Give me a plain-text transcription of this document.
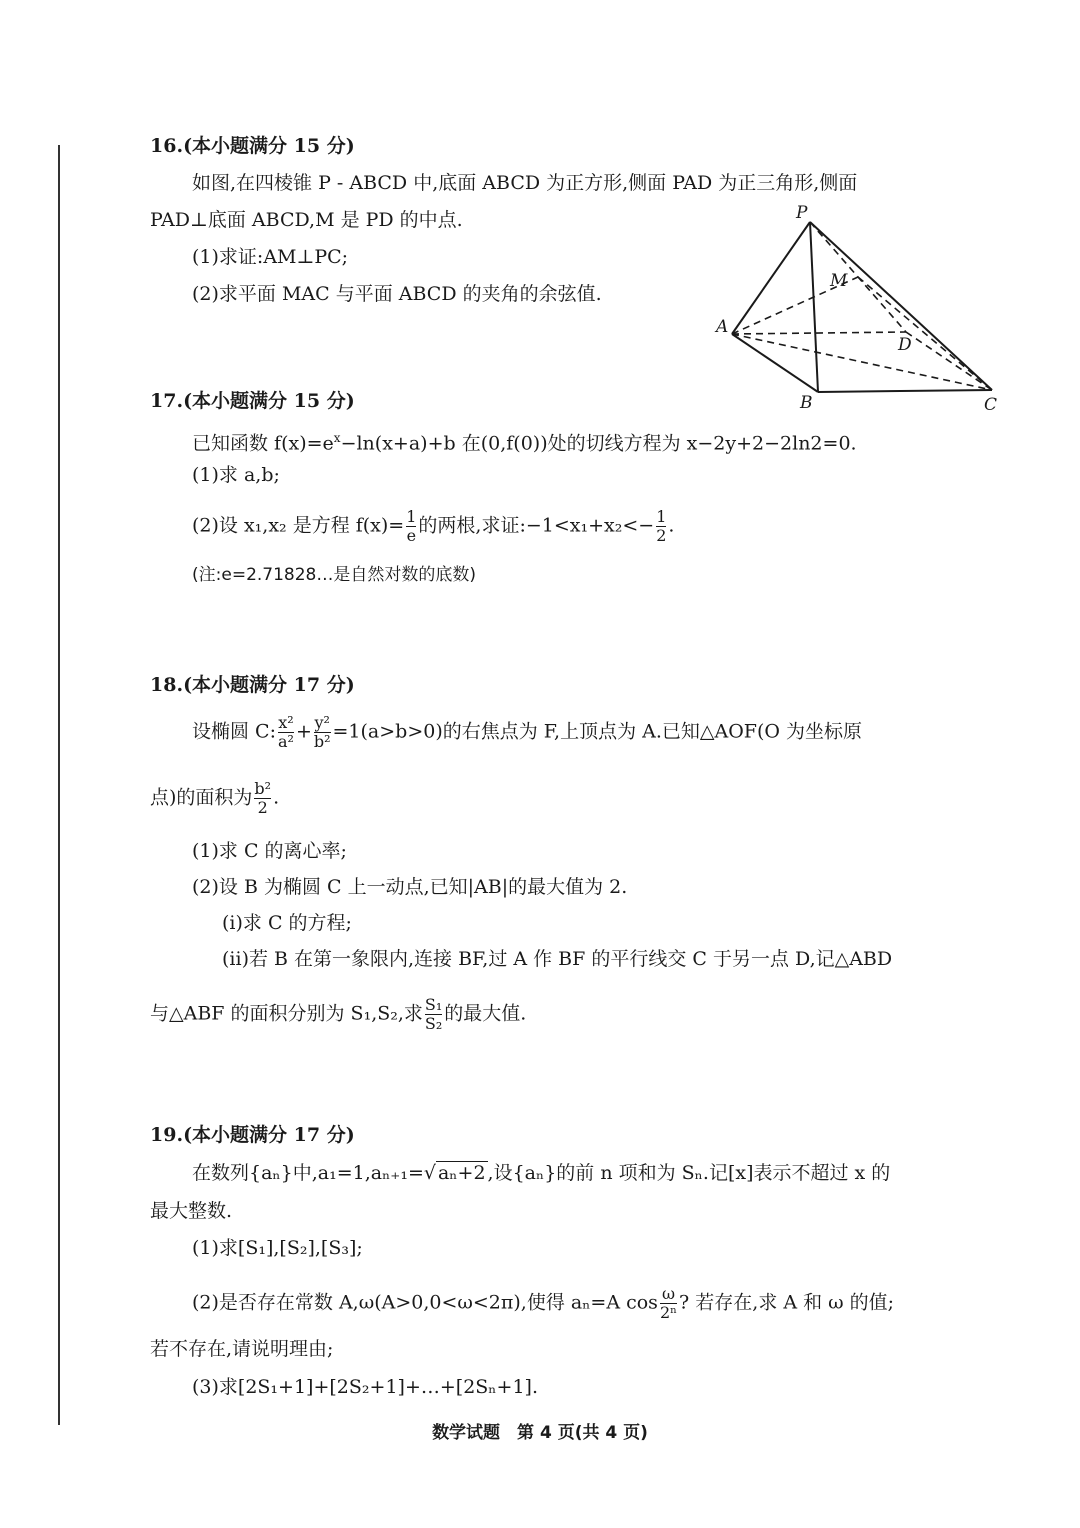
16.(本小题满分 15 分)
如图,在四棱锥 P - ABCD 中,底面 ABCD 为正方形,侧面 PAD 为正三角形,侧面
PAD⊥底面 ABCD,M 是 PD 的中点.
(1)求证:AM⊥PC;
(2)求平面 MAC 与平面 ABCD 的夹角的余弦值.
P
M
A
D
B	C
17.(本小题满分 15 分)
已知函数 $f(x)=e^x-\ln(x+a)+b$ 在(0,f(0))处的切线方程为 x−2y+2−2ln2=0.
(1)求 a,b;
(2)设 x₁,x₂ 是方程 $f(x)= \frac{1}{e}$ 的两根,求证:−1<x₁+x₂<− $\frac{1}{2}$ .
(注:e=2.71828…是自然对数的底数)
18.(本小题满分 17 分)
设椭圆 C: $\frac{\text{x²}}{\text{a²}} + \frac{\text{y²}}{\text{b²}} =1(a>b>0)$的右焦点为 F,上顶点为 A.已知△AOF(O 为坐标原
点)的面积为 $\frac{\text{b²}}{2}$ .
(1)求 C 的离心率;
(2)设 B 为椭圆 C 上一动点,已知|AB|的最大值为 2.
(i)求 C 的方程;
(ii)若 B 在第一象限内,连接 BF,过 A 作 BF 的平行线交 C 于另一点 D,记△ABD
与△ABF 的面积分别为 S₁,S₂,求 $\frac{\text{S₁}}{\text{S₂}}$ 的最大值.
19.(本小题满分 17 分)
在数列{aₙ}中,a₁=1,aₙ₊₁=√ aₙ+2 ,设{aₙ}的前 n 项和为 Sₙ.记[x]表示不超过 x 的
最大整数.
(1)求[S₁],[S₂],[S₃];
(2)是否存在常数 A,ω(A>0,0<ω<2π),使得 aₙ=A $\cos \frac{\omega}{\text{2ⁿ}}$ ? 若存在,求 A 和 ω 的值;
若不存在,请说明理由;
(3)求[2S₁+1]+[2S₂+1]+…+[2Sₙ+1].
数学试题　第 4 页(共 4 页)
